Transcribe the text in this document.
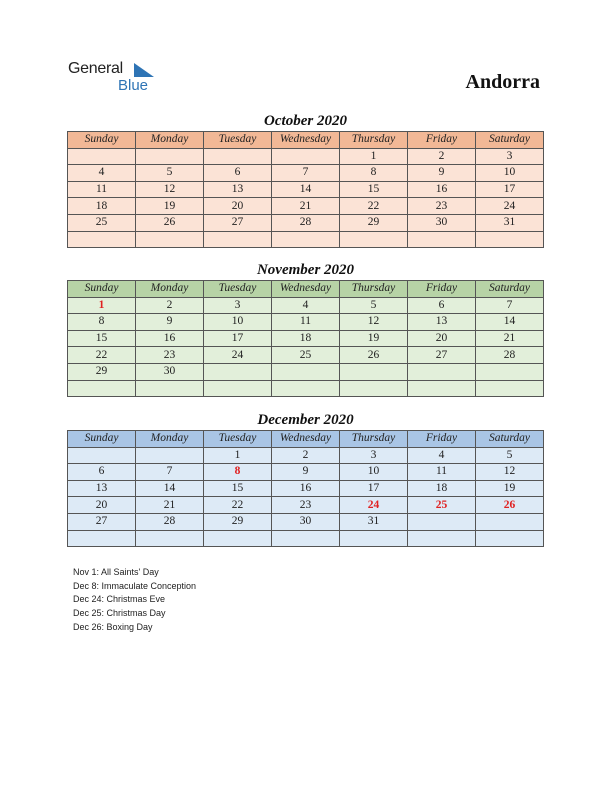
General
Blue	Andorra
October 2020
Sunday	Monday	Tuesday	Wednesday	Thursday	Friday	Saturday
				1	2	3
4	5	6	7	8	9	10
11	12	13	14	15	16	17
18	19	20	21	22	23	24
25	26	27	28	29	30	31

November 2020
Sunday	Monday	Tuesday	Wednesday	Thursday	Friday	Saturday
1	2	3	4	5	6	7
8	9	10	11	12	13	14
15	16	17	18	19	20	21
22	23	24	25	26	27	28
29	30					

December 2020
Sunday	Monday	Tuesday	Wednesday	Thursday	Friday	Saturday
		1	2	3	4	5
6	7	8	9	10	11	12
13	14	15	16	17	18	19
20	21	22	23	24	25	26
27	28	29	30	31		

Nov 1: All Saints' Day
Dec 8: Immaculate Conception
Dec 24: Christmas Eve
Dec 25: Christmas Day
Dec 26: Boxing Day
